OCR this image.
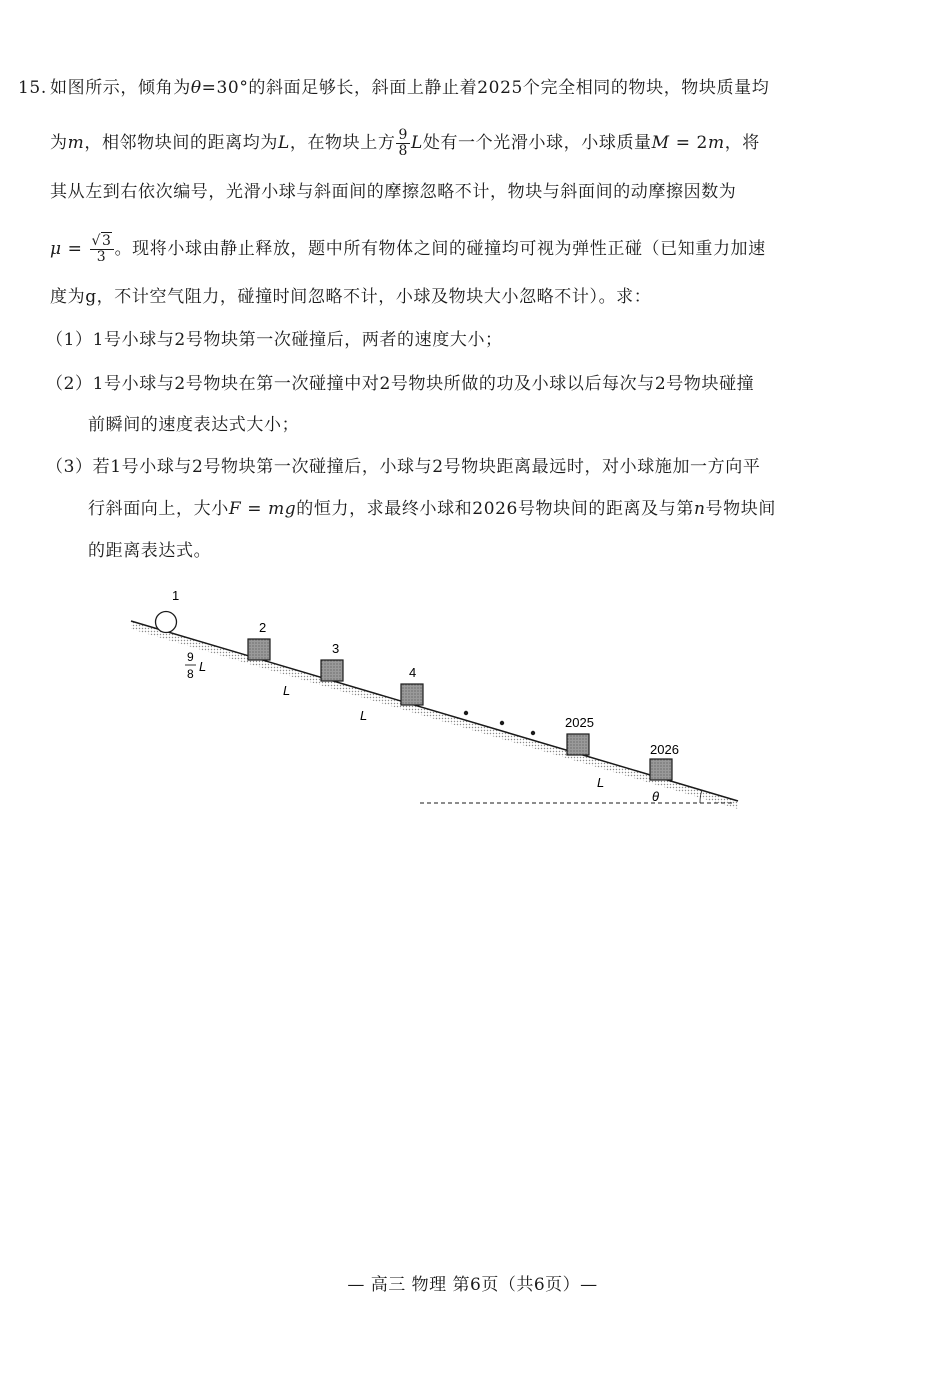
15. 如图所示，倾角为θ=30°的斜面足够长，斜面上静止着2025个完全相同的物块，物块质量均
为m，相邻物块间的距离均为L，在物块上方 $\frac{9}{8}$ L处有一个光滑小球，小球质量M = 2m，将
其从左到右依次编号，光滑小球与斜面间的摩擦忽略不计，物块与斜面间的动摩擦因数为
$\mu = \frac{√3}{3}$ 。现将小球由静止释放，题中所有物体之间的碰撞均可视为弹性正碰（已知重力加速
度为g，不计空气阻力，碰撞时间忽略不计，小球及物块大小忽略不计）。求：
（1）1号小球与2号物块第一次碰撞后，两者的速度大小；
（2）1号小球与2号物块在第一次碰撞中对2号物块所做的功及小球以后每次与2号物块碰撞
前瞬间的速度表达式大小；
（3）若1号小球与2号物块第一次碰撞后，小球与2号物块距离最远时，对小球施加一方向平
行斜面向上，大小F = mg的恒力，求最终小球和2026号物块间的距离及与第n号物块间
的距离表达式。
1
2
3
4
2025
2026
9
8 L
L
L
L
θ
— 高三 物理 第6页（共6页）—
